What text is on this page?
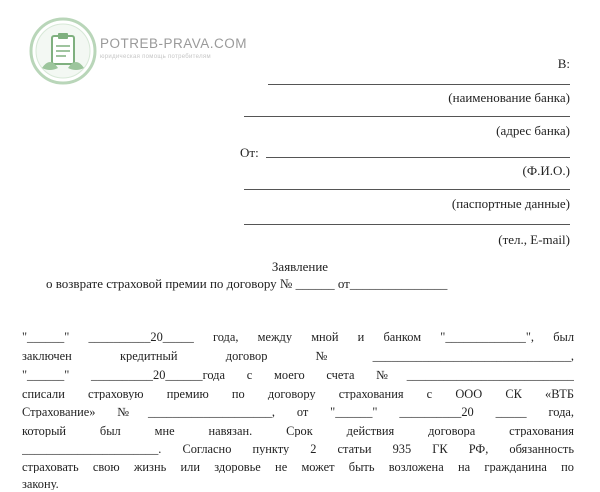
POTREB-PRAVA.COM
юридическая помощь потребителям	В:
(наименование банка)
(адрес банка)
От:
(Ф.И.О.)
(паспортные данные)
(тел., E-mail)
Заявление
о возврате страховой премии по договору № ______ от_______________
"______" __________20_____ года, между мной и банком "_____________", был
заключен кредитный договор №________________________________,
"______" __________20______года с моего счета №___________________________
списали страховую премию по договору страхования с ООО СК «ВТБ
Страхование» №____________________, от "______" __________20 _____ года,
который был мне навязан. Срок действия договора страхования
______________________. Согласно пункту 2 статьи 935 ГК РФ, обязанность
страховать свою жизнь или здоровье не может быть возложена на гражданина по
закону.
